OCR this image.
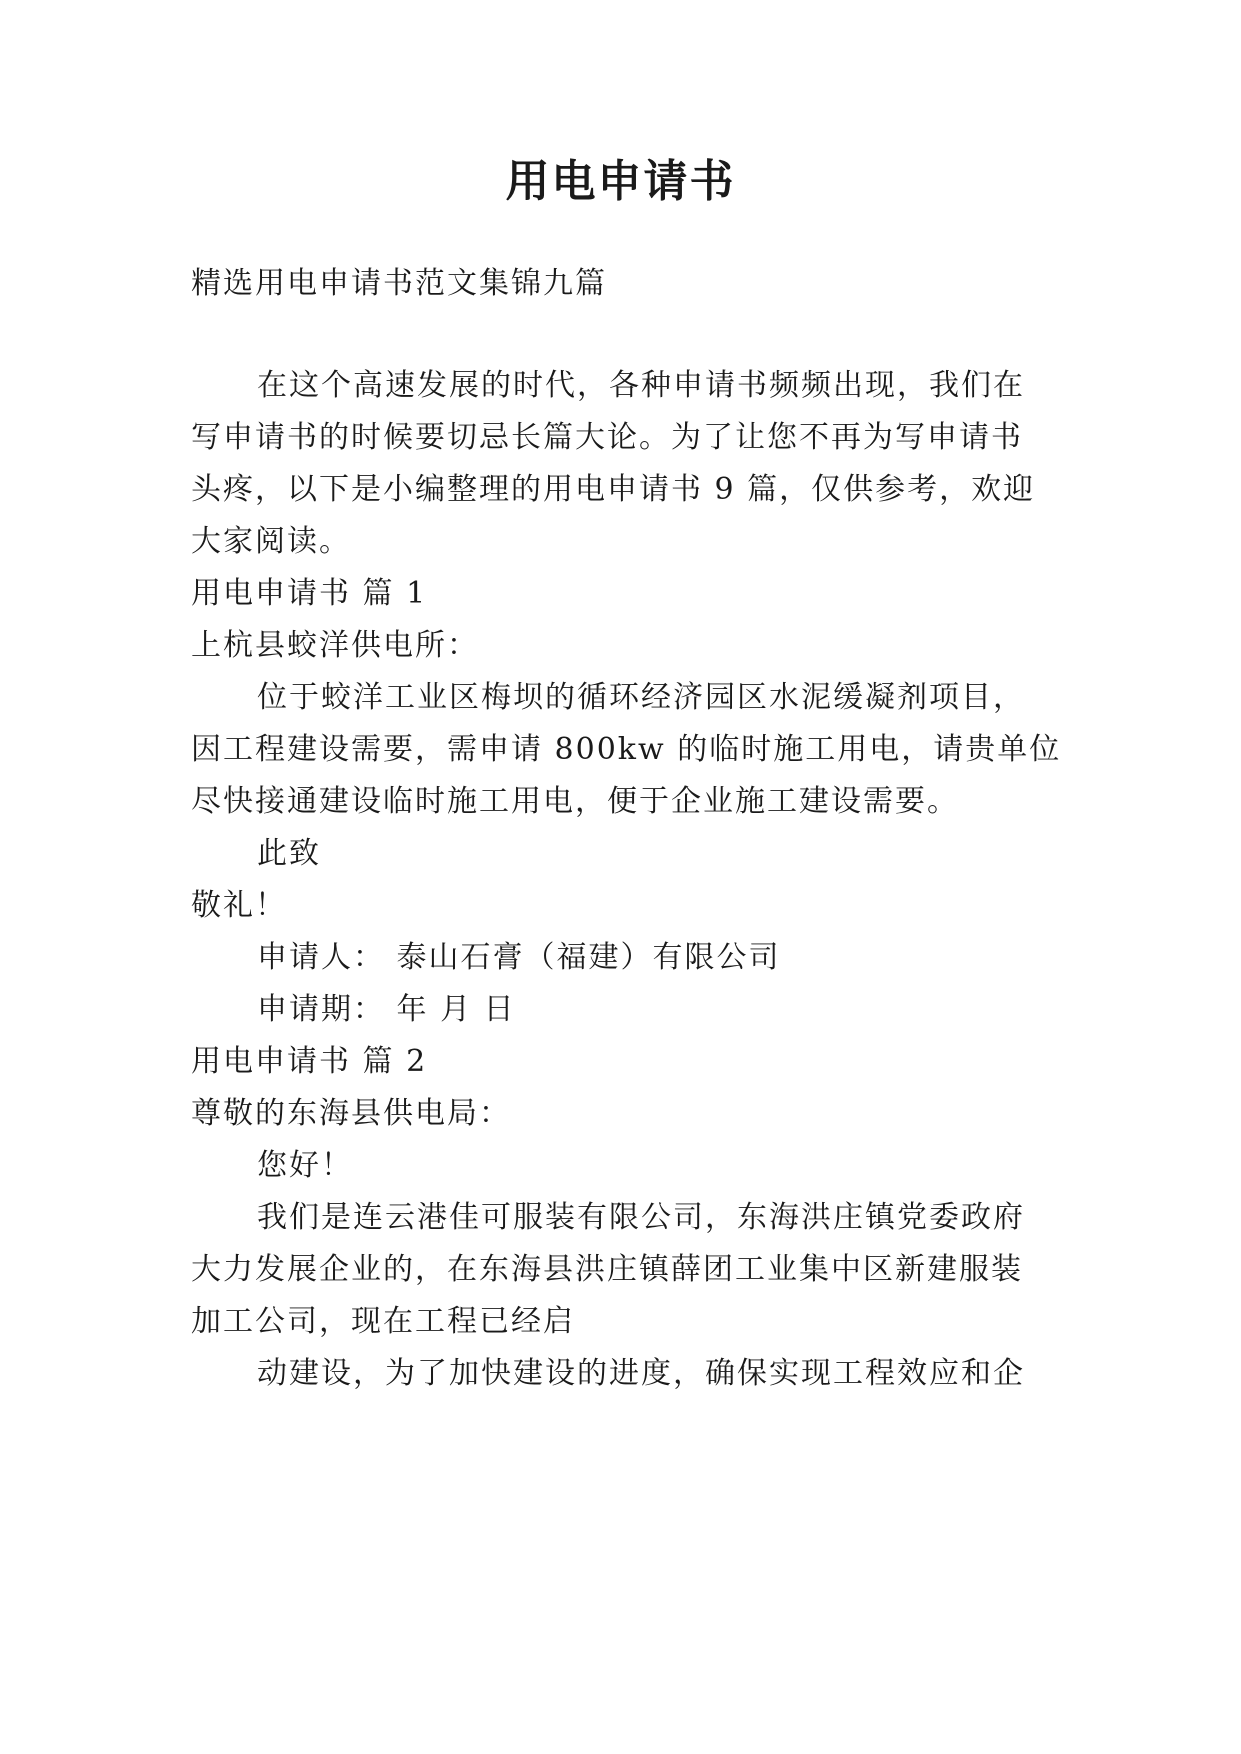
用电申请书
精选用电申请书范文集锦九篇
在这个高速发展的时代，各种申请书频频出现，我们在
写申请书的时候要切忌长篇大论。为了让您不再为写申请书
头疼，以下是小编整理的用电申请书 9 篇，仅供参考，欢迎
大家阅读。
用电申请书 篇 1
上杭县蛟洋供电所：
位于蛟洋工业区梅坝的循环经济园区水泥缓凝剂项目，
因工程建设需要，需申请 800kw 的临时施工用电，请贵单位
尽快接通建设临时施工用电，便于企业施工建设需要。
此致
敬礼！
申请人： 泰山石膏（福建）有限公司
申请期： 年 月 日
用电申请书 篇 2
尊敬的东海县供电局：
您好！
我们是连云港佳可服装有限公司，东海洪庄镇党委政府
大力发展企业的，在东海县洪庄镇薛团工业集中区新建服装
加工公司，现在工程已经启
动建设，为了加快建设的进度，确保实现工程效应和企
